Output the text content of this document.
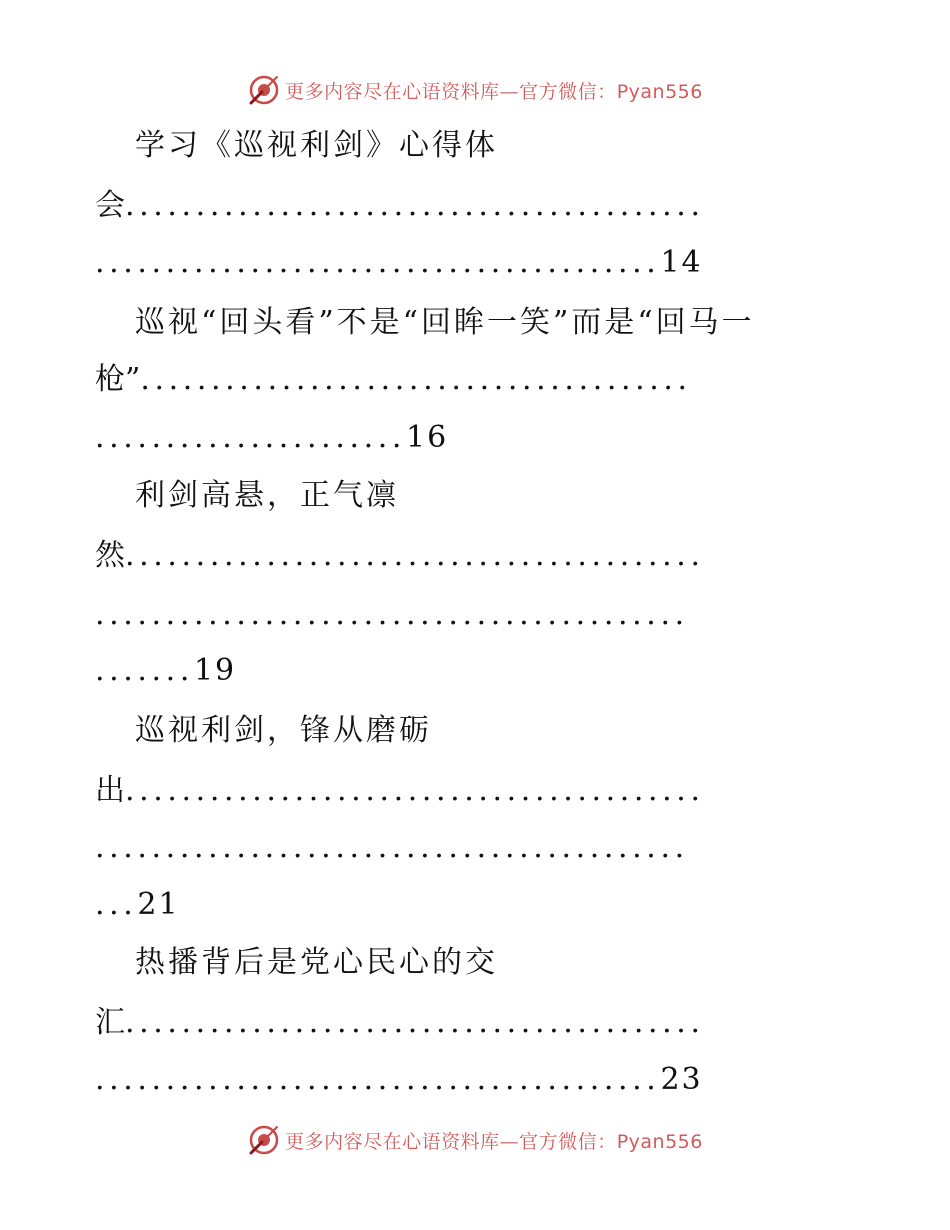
更多内容尽在心语资料库—官方微信：Pyan556
学习《巡视利剑》心得体
会.........................................
........................................14
巡视“回头看”不是“回眸一笑”而是“回马一
枪”.......................................
......................16
利剑高悬，正气凛
然.........................................
..........................................
.......19
巡视利剑，锋从磨砺
出.........................................
..........................................
...21
热播背后是党心民心的交
汇.........................................
........................................23
更多内容尽在心语资料库—官方微信：Pyan556
